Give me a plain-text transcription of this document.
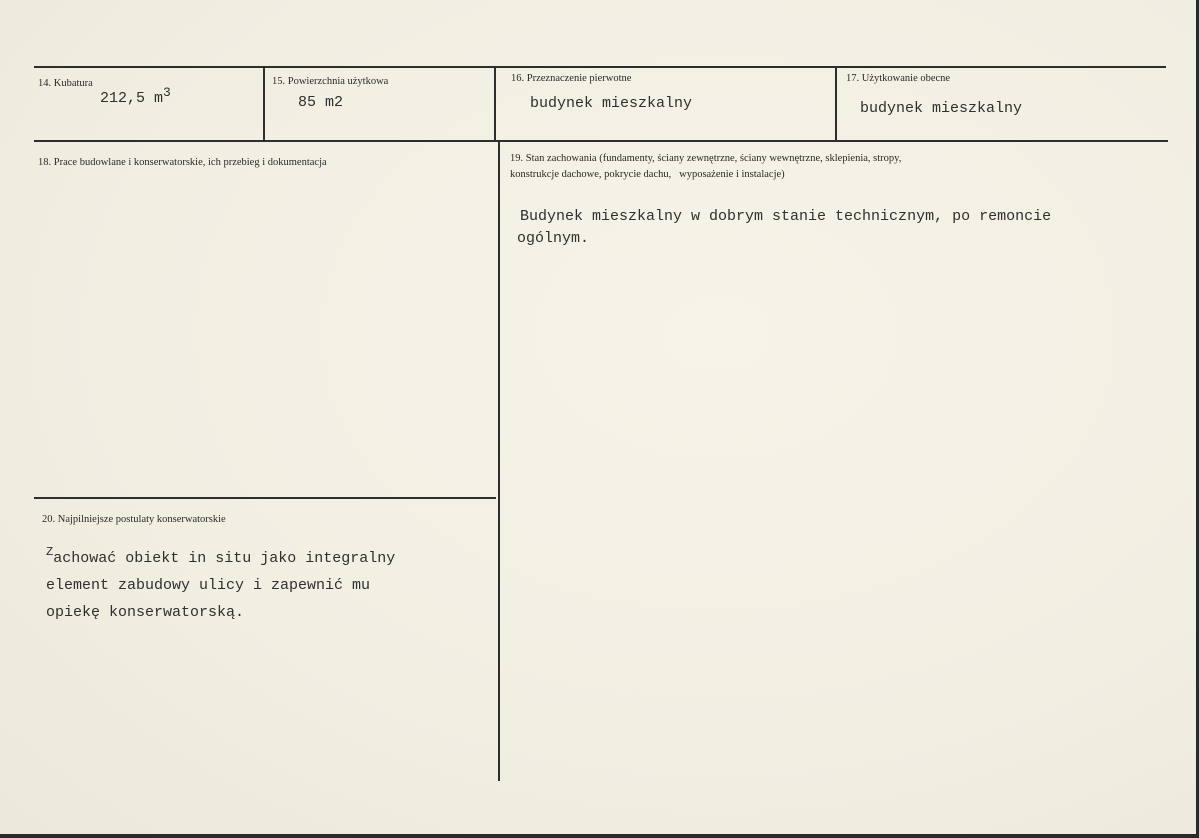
14. Kubatura
212,5 $m^3$
15. Powierzchnia użytkowa
85 m2
16. Przeznaczenie pierwotne
budynek mieszkalny
17. Użytkowanie obecne
budynek mieszkalny
18. Prace budowlane i konserwatorskie, ich przebieg i dokumentacja	19. Stan zachowania (fundamenty, ściany zewnętrzne, ściany wewnętrzne, sklepienia, stropy,
konstrukcje dachowe, pokrycie dachu,   wyposażenie i instalacje)
Budynek mieszkalny w dobrym stanie technicznym, po remoncie
ogólnym.
20. Najpilniejsze postulaty konserwatorskie
$^Z$achować obiekt in situ jako integralny
element zabudowy ulicy i zapewnić mu
opiekę konserwatorską.
